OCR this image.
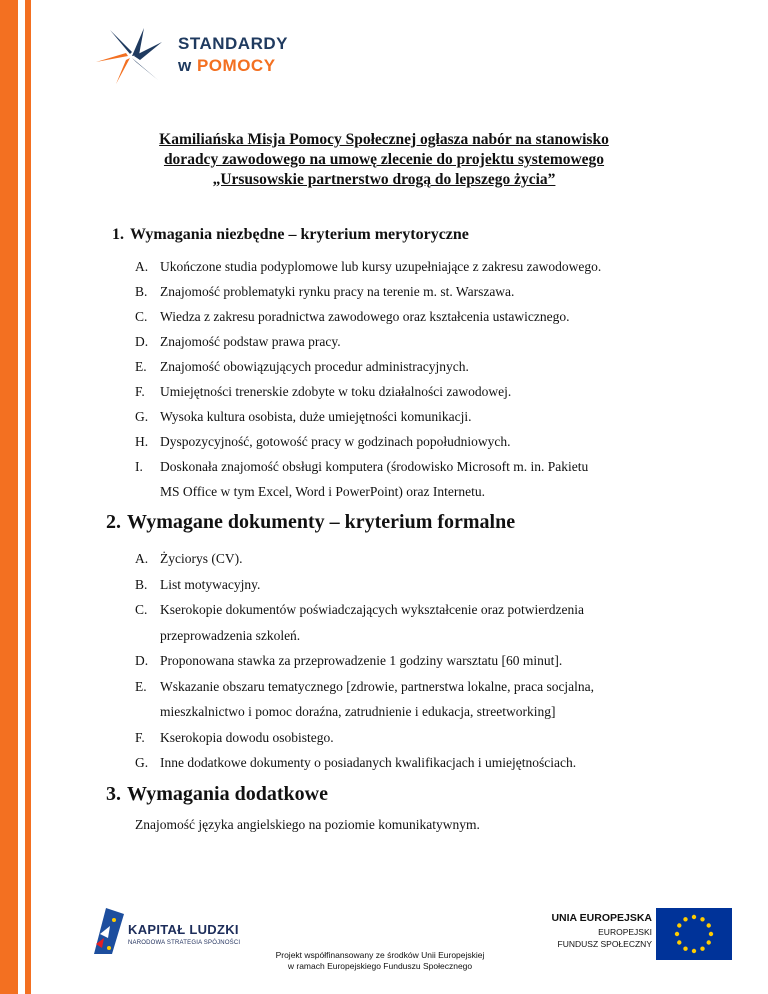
STANDARDY
w POMOCY
Kamiliańska Misja Pomocy Społecznej ogłasza nabór na stanowisko
doradcy zawodowego na umowę zlecenie do projektu systemowego
„Ursusowskie partnerstwo drogą do lepszego życia”
1. Wymagania niezbędne – kryterium merytoryczne
A. Ukończone studia podyplomowe lub kursy uzupełniające z zakresu zawodowego.
B. Znajomość problematyki rynku pracy na terenie m. st. Warszawa.
C. Wiedza z zakresu poradnictwa zawodowego oraz kształcenia ustawicznego.
D. Znajomość podstaw prawa pracy.
E. Znajomość obowiązujących procedur administracyjnych.
F. Umiejętności trenerskie zdobyte w toku działalności zawodowej.
G. Wysoka kultura osobista, duże umiejętności komunikacji.
H. Dyspozycyjność, gotowość pracy w godzinach popołudniowych.
I. Doskonała znajomość obsługi komputera (środowisko Microsoft m. in. Pakietu
MS Office w tym Excel, Word i PowerPoint) oraz Internetu.
2. Wymagane dokumenty – kryterium formalne
A. Życiorys (CV).
B. List motywacyjny.
C. Kserokopie dokumentów poświadczających wykształcenie oraz potwierdzenia
przeprowadzenia szkoleń.
D. Proponowana stawka za przeprowadzenie 1 godziny warsztatu [60 minut].
E. Wskazanie obszaru tematycznego [zdrowie, partnerstwa lokalne, praca socjalna,
mieszkalnictwo i pomoc doraźna, zatrudnienie i edukacja, streetworking]
F. Kserokopia dowodu osobistego.
G. Inne dodatkowe dokumenty o posiadanych kwalifikacjach i umiejętnościach.
3. Wymagania dodatkowe
Znajomość języka angielskiego na poziomie komunikatywnym.
KAPITAŁ LUDZKI
NARODOWA STRATEGIA SPÓJNOŚCI
UNIA EUROPEJSKA
EUROPEJSKI
FUNDUSZ SPOŁECZNY
Projekt współfinansowany ze środków Unii Europejskiej
w ramach Europejskiego Funduszu Społecznego
